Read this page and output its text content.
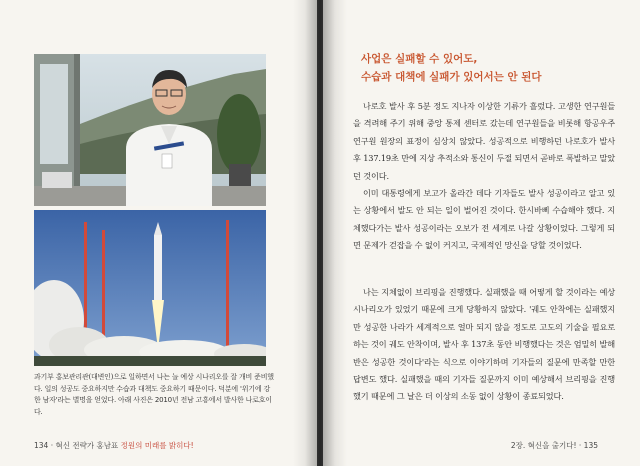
과기부 홍보관리관(대변인)으로 일하면서 나는 늘 예상 시나리오를 잘 개비 준비했다. 일의 성공도 중요하지만 수습과 대책도 중요하기 때문이다. 덕분에 '위기에 강한 남자'라는 별명을 얻었다. 아래 사진은 2010년 전남 고흥에서 발사한 나로호이다.
134 · 혁신 전략가 홍남표 정원의 미래를 밝히다!
사업은 실패할 수 있어도,
수습과 대책에 실패가 있어서는 안 된다

나로호 발사 후 5분 정도 지나자 이상한 기류가 흘렀다. 고생한 연구원들을 격려해 주기 위해 중앙 통제 센터로 갔는데 연구원들을 비롯해 항공우주연구원 원장의 표정이 심상치 않았다. 성공적으로 비행하던 나로호가 발사 후 137.19초 만에 지상 추적소와 통신이 두절 되면서 곧바로 폭발하고 말았던 것이다.

이미 대통령에게 보고가 올라간 데다 기자들도 발사 성공이라고 알고 있는 상황에서 발도 안 되는 일이 벌어진 것이다. 한시바삐 수습해야 했다. 지체했다가는 발사 성공이라는 오보가 전 세계로 나갈 상황이었다. 그렇게 되면 문제가 걷잡을 수 없이 커지고, 국제적인 망신을 당할 것이었다.

나는 지체없이 브리핑을 진행했다. 실패했을 때 어떻게 할 것이라는 예상 시나리오가 있었기 때문에 크게 당황하지 않았다. '궤도 안착에는 실패했지만 성공한 나라가 세계적으로 얼마 되지 않을 정도로 고도의 기술을 필요로 하는 것이 궤도 안착이며, 발사 후 137초 동안 비행했다는 것은 엄밀히 발해 반은 성공한 것이다'라는 식으로 이야기하며 기자들의 질문에 만족할 만한 답변도 했다. 실패했을 때의 기자들 질문까지 이미 예상해서 브리핑을 진행했기 때문에 그 날은 더 이상의 소동 없이 상황이 종료되었다.

2장. 혁신을 출기다! · 135
